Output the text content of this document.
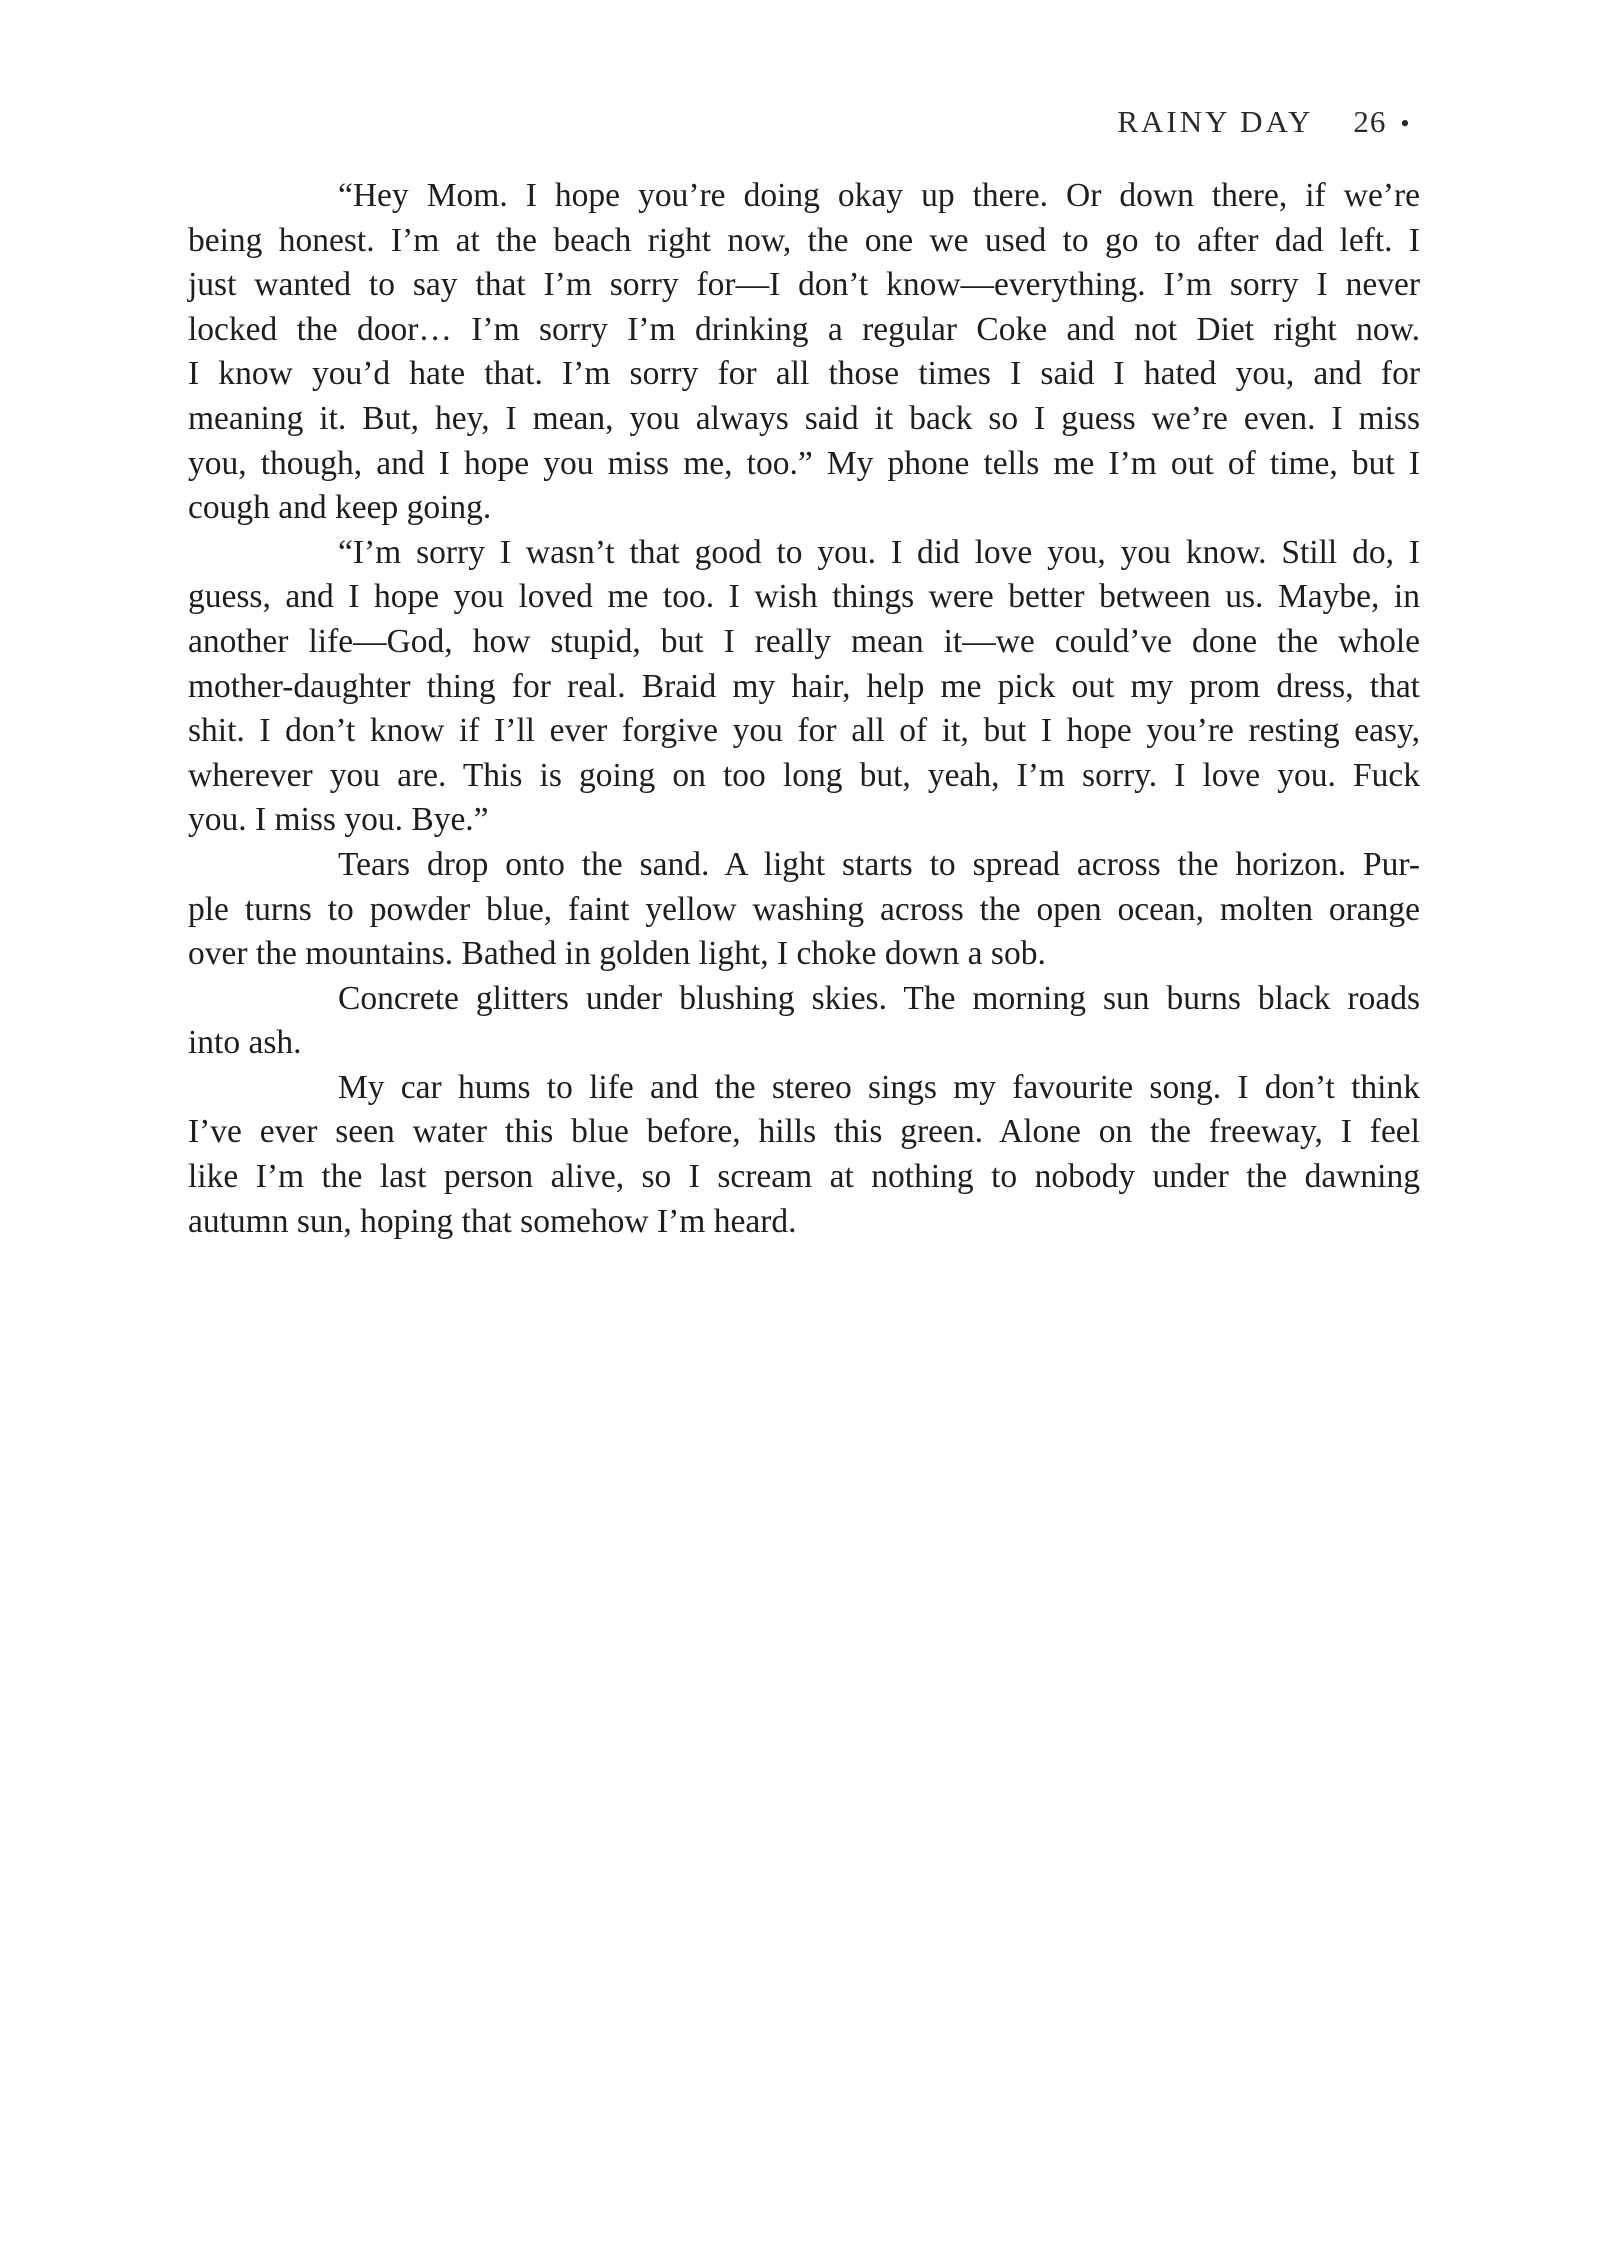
RAINY DAY 26 •

“Hey Mom. I hope you’re doing okay up there. Or down there, if we’re
being honest. I’m at the beach right now, the one we used to go to after dad left. I
just wanted to say that I’m sorry for—I don’t know—everything. I’m sorry I never
locked the door… I’m sorry I’m drinking a regular Coke and not Diet right now.
I know you’d hate that. I’m sorry for all those times I said I hated you, and for
meaning it. But, hey, I mean, you always said it back so I guess we’re even. I miss
you, though, and I hope you miss me, too.” My phone tells me I’m out of time, but I
cough and keep going.

“I’m sorry I wasn’t that good to you. I did love you, you know. Still do, I
guess, and I hope you loved me too. I wish things were better between us. Maybe, in
another life—God, how stupid, but I really mean it—we could’ve done the whole
mother-daughter thing for real. Braid my hair, help me pick out my prom dress, that
shit. I don’t know if I’ll ever forgive you for all of it, but I hope you’re resting easy,
wherever you are. This is going on too long but, yeah, I’m sorry. I love you. Fuck
you. I miss you. Bye.”

Tears drop onto the sand. A light starts to spread across the horizon. Pur-
ple turns to powder blue, faint yellow washing across the open ocean, molten orange
over the mountains. Bathed in golden light, I choke down a sob.

Concrete glitters under blushing skies. The morning sun burns black roads
into ash.

My car hums to life and the stereo sings my favourite song. I don’t think
I’ve ever seen water this blue before, hills this green. Alone on the freeway, I feel
like I’m the last person alive, so I scream at nothing to nobody under the dawning
autumn sun, hoping that somehow I’m heard.
